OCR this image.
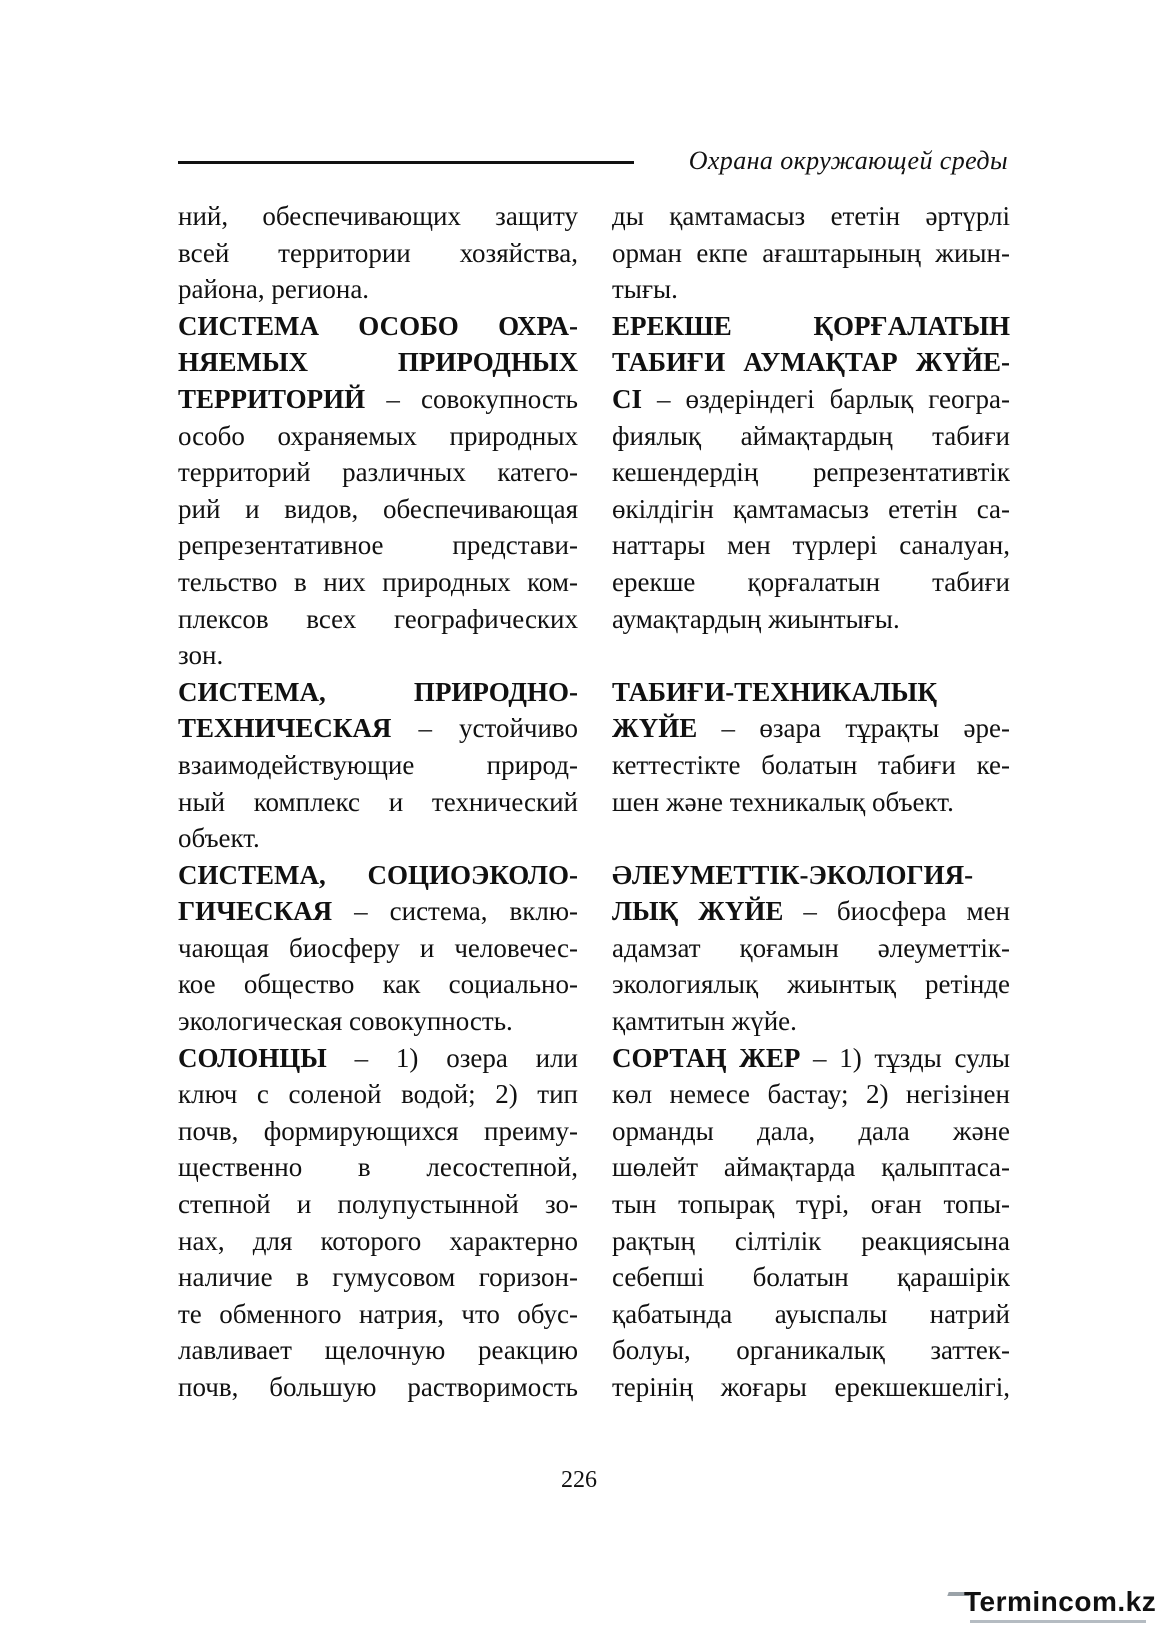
Охрана окружающей среды
ний, обеспечивающих защиту
всей территории хозяйства,
района, региона.
СИСТЕМА ОСОБО ОХРА-
НЯЕМЫХ ПРИРОДНЫХ
ТЕРРИТОРИЙ – совокупность
особо охраняемых природных
территорий различных катего-
рий и видов, обеспечивающая
репрезентативное представи-
тельство в них природных ком-
плексов всех географических
зон.
СИСТЕМА, ПРИРОДНО-
ТЕХНИЧЕСКАЯ – устойчиво
взаимодействующие природ-
ный комплекс и технический
объект.
СИСТЕМА, СОЦИОЭКОЛО-
ГИЧЕСКАЯ – система, вклю-
чающая биосферу и человечес-
кое общество как социально-
экологическая совокупность.
СОЛОНЦЫ – 1) озера или
ключ с соленой водой; 2) тип
почв, формирующихся преиму-
щественно в лесостепной,
степной и полупустынной зо-
нах, для которого характерно
наличие в гумусовом горизон-
те обменного натрия, что обус-
лавливает щелочную реакцию
почв, большую растворимость
ды қамтамасыз ететін әртүрлі
орман екпе ағаштарының жиын-
тығы.
ЕРЕКШЕ ҚОРҒАЛАТЫН
ТАБИҒИ АУМАҚТАР ЖҮЙЕ-
СІ – өздеріндегі барлық геогра-
фиялық аймақтардың табиғи
кешендердің репрезентативтік
өкілдігін қамтамасыз ететін са-
наттары мен түрлері саналуан,
ерекше қорғалатын табиғи
аумақтардың жиынтығы.
ТАБИҒИ-ТЕХНИКАЛЫҚ
ЖҮЙЕ – өзара тұрақты әре-
кеттестікте болатын табиғи ке-
шен және техникалық объект.
ӘЛЕУМЕТТІК-ЭКОЛОГИЯ-
ЛЫҚ ЖҮЙЕ – биосфера мен
адамзат қоғамын әлеуметтік-
экологиялық жиынтық ретінде
қамтитын жүйе.
СОРТАҢ ЖЕР – 1) тұзды сулы
көл немесе бастау; 2) негізінен
орманды дала, дала және
шөлейт аймақтарда қалыптаса-
тын топырақ түрі, оған топы-
рақтың сілтілік реакциясына
себепші болатын қарашірік
қабатында ауыспалы натрий
болуы, органикалық заттек-
терінің жоғары ерекшекшелігі,
226
Termincom.kz
